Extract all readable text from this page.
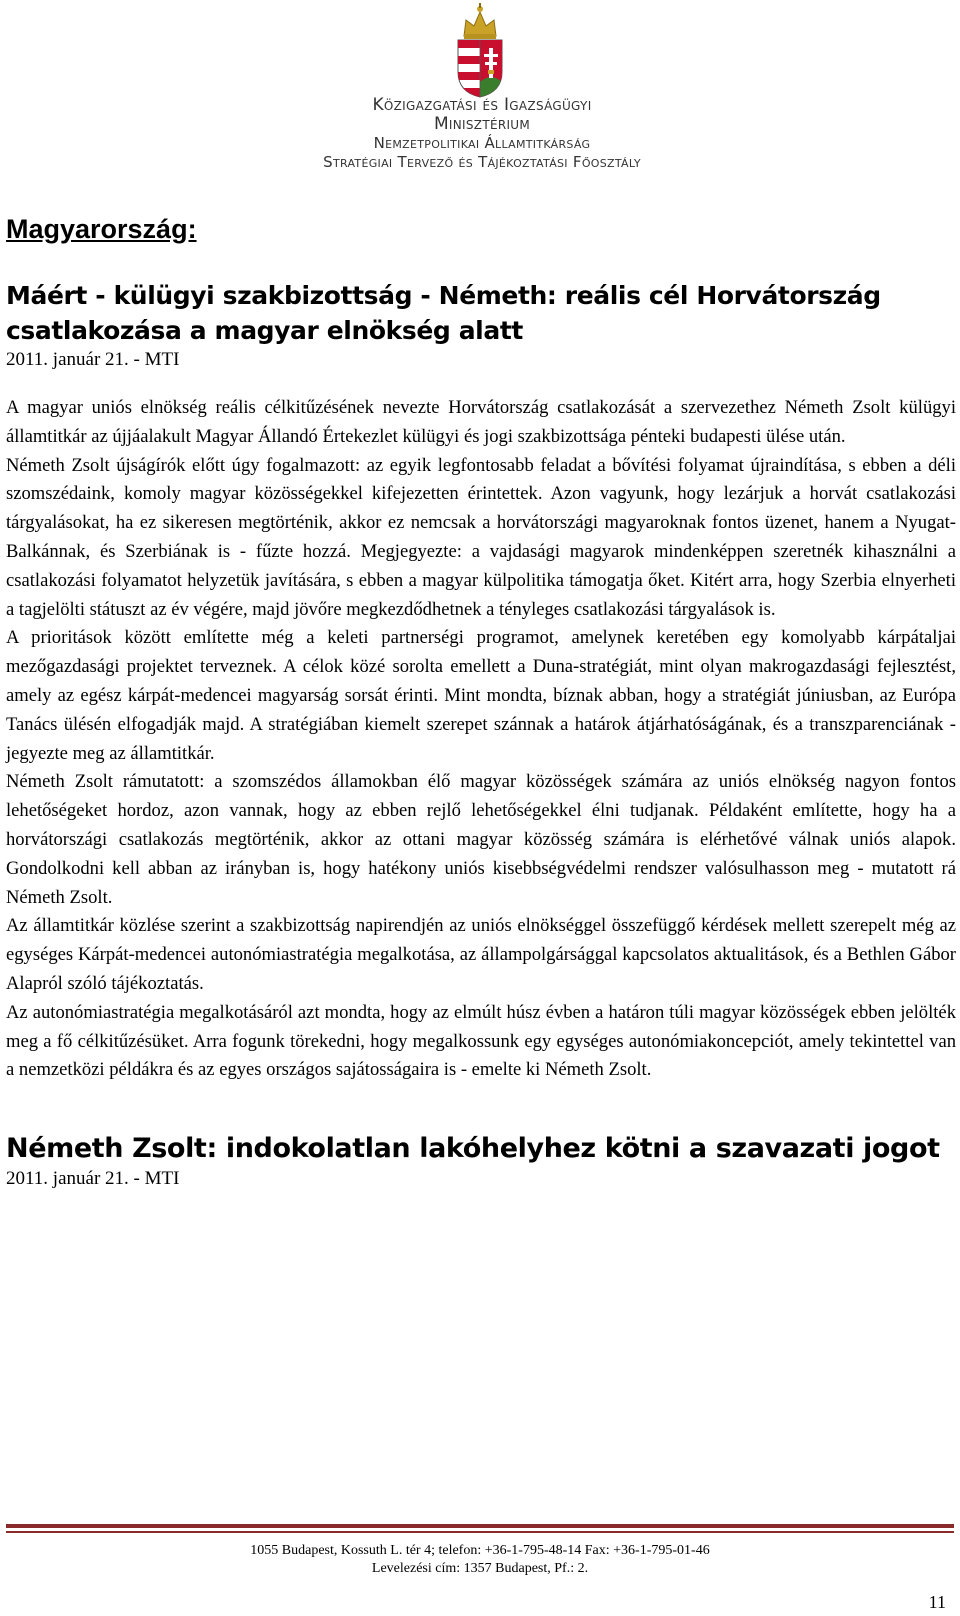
Közigazgatási és Igazságügyi
Minisztérium
Nemzetpolitikai Államtitkárság
Stratégiai Tervező és Tájékoztatási Főosztály
Magyarország:
Máért - külügyi szakbizottság - Németh: reális cél Horvátország csatlakozása a magyar elnökség alatt
2011. január 21. - MTI

A magyar uniós elnökség reális célkitűzésének nevezte Horvátország csatlakozását a szervezethez Németh Zsolt külügyi államtitkár az újjáalakult Magyar Állandó Értekezlet külügyi és jogi szakbizottsága pénteki budapesti ülése után.

Németh Zsolt újságírók előtt úgy fogalmazott: az egyik legfontosabb feladat a bővítési folyamat újraindítása, s ebben a déli szomszédaink, komoly magyar közösségekkel kifejezetten érintettek. Azon vagyunk, hogy lezárjuk a horvát csatlakozási tárgyalásokat, ha ez sikeresen megtörténik, akkor ez nemcsak a horvátországi magyaroknak fontos üzenet, hanem a Nyugat-Balkánnak, és Szerbiának is - fűzte hozzá. Megjegyezte: a vajdasági magyarok mindenképpen szeretnék kihasználni a csatlakozási folyamatot helyzetük javítására, s ebben a magyar külpolitika támogatja őket. Kitért arra, hogy Szerbia elnyerheti a tagjelölti státuszt az év végére, majd jövőre megkezdődhetnek a tényleges csatlakozási tárgyalások is.

A prioritások között említette még a keleti partnerségi programot, amelynek keretében egy komolyabb kárpátaljai mezőgazdasági projektet terveznek. A célok közé sorolta emellett a Duna-stratégiát, mint olyan makrogazdasági fejlesztést, amely az egész kárpát-medencei magyarság sorsát érinti. Mint mondta, bíznak abban, hogy a stratégiát júniusban, az Európa Tanács ülésén elfogadják majd. A stratégiában kiemelt szerepet szánnak a határok átjárhatóságának, és a transzparenciának - jegyezte meg az államtitkár.

Németh Zsolt rámutatott: a szomszédos államokban élő magyar közösségek számára az uniós elnökség nagyon fontos lehetőségeket hordoz, azon vannak, hogy az ebben rejlő lehetőségekkel élni tudjanak. Példaként említette, hogy ha a horvátországi csatlakozás megtörténik, akkor az ottani magyar közösség számára is elérhetővé válnak uniós alapok. Gondolkodni kell abban az irányban is, hogy hatékony uniós kisebbségvédelmi rendszer valósulhasson meg - mutatott rá Németh Zsolt.

Az államtitkár közlése szerint a szakbizottság napirendjén az uniós elnökséggel összefüggő kérdések mellett szerepelt még az egységes Kárpát-medencei autonómiastratégia megalkotása, az állampolgársággal kapcsolatos aktualitások, és a Bethlen Gábor Alapról szóló tájékoztatás.

Az autonómiastratégia megalkotásáról azt mondta, hogy az elmúlt húsz évben a határon túli magyar közösségek ebben jelölték meg a fő célkitűzésüket. Arra fogunk törekedni, hogy megalkossunk egy egységes autonómiakoncepciót, amely tekintettel van a nemzetközi példákra és az egyes országos sajátosságaira is - emelte ki Németh Zsolt.

Németh Zsolt: indokolatlan lakóhelyhez kötni a szavazati jogot
2011. január 21. - MTI
1055 Budapest, Kossuth L. tér 4; telefon: +36-1-795-48-14 Fax: +36-1-795-01-46
Levelezési cím: 1357 Budapest, Pf.: 2.
11
